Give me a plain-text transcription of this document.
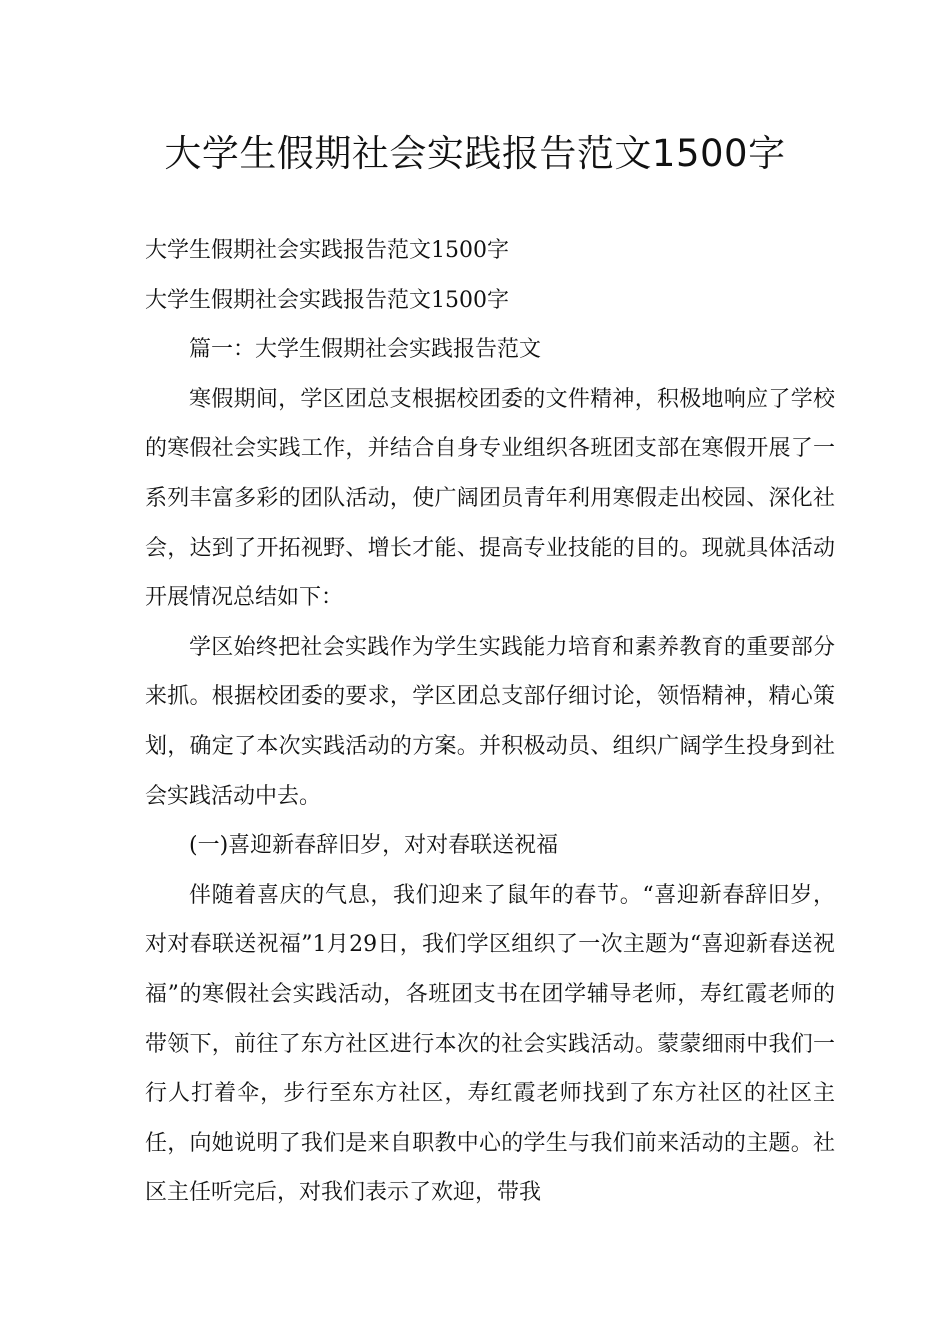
大学生假期社会实践报告范文1500字

大学生假期社会实践报告范文1500字

大学生假期社会实践报告范文1500字

篇一：大学生假期社会实践报告范文

寒假期间，学区团总支根据校团委的文件精神，积极地响应了学校的寒假社会实践工作，并结合自身专业组织各班团支部在寒假开展了一系列丰富多彩的团队活动，使广阔团员青年利用寒假走出校园、深化社会，达到了开拓视野、增长才能、提高专业技能的目的。现就具体活动开展情况总结如下：

学区始终把社会实践作为学生实践能力培育和素养教育的重要部分来抓。根据校团委的要求，学区团总支部仔细讨论，领悟精神，精心策划，确定了本次实践活动的方案。并积极动员、组织广阔学生投身到社会实践活动中去。

(一)喜迎新春辞旧岁，对对春联送祝福

伴随着喜庆的气息，我们迎来了鼠年的春节。“喜迎新春辞旧岁，对对春联送祝福”1月29日，我们学区组织了一次主题为“喜迎新春送祝福”的寒假社会实践活动，各班团支书在团学辅导老师，寿红霞老师的带领下，前往了东方社区进行本次的社会实践活动。蒙蒙细雨中我们一行人打着伞，步行至东方社区，寿红霞老师找到了东方社区的社区主任，向她说明了我们是来自职教中心的学生与我们前来活动的主题。社区主任听完后，对我们表示了欢迎，带我
